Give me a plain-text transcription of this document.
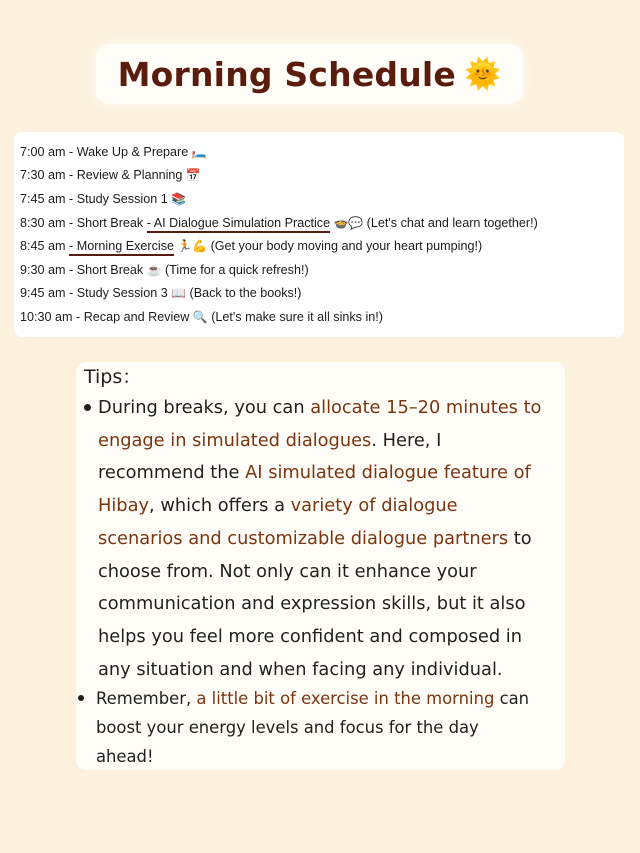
Morning Schedule 🌞
7:00 am - Wake Up & Prepare 🛏️
7:30 am - Review & Planning 📅
7:45 am - Study Session 1 📚
8:30 am - Short Break - AI Dialogue Simulation Practice 🍲💬 (Let's chat and learn together!)
8:45 am - Morning Exercise 🏃💪 (Get your body moving and your heart pumping!)
9:30 am - Short Break ☕ (Time for a quick refresh!)
9:45 am - Study Session 3 📖 (Back to the books!)
10:30 am - Recap and Review 🔍 (Let's make sure it all sinks in!)
Tips：
During breaks, you can allocate 15–20 minutes to
engage in simulated dialogues. Here, I
recommend the AI simulated dialogue feature of
Hibay, which offers a variety of dialogue
scenarios and customizable dialogue partners to
choose from. Not only can it enhance your
communication and expression skills, but it also
helps you feel more confident and composed in
any situation and when facing any individual.
Remember, a little bit of exercise in the morning can
boost your energy levels and focus for the day
ahead!
